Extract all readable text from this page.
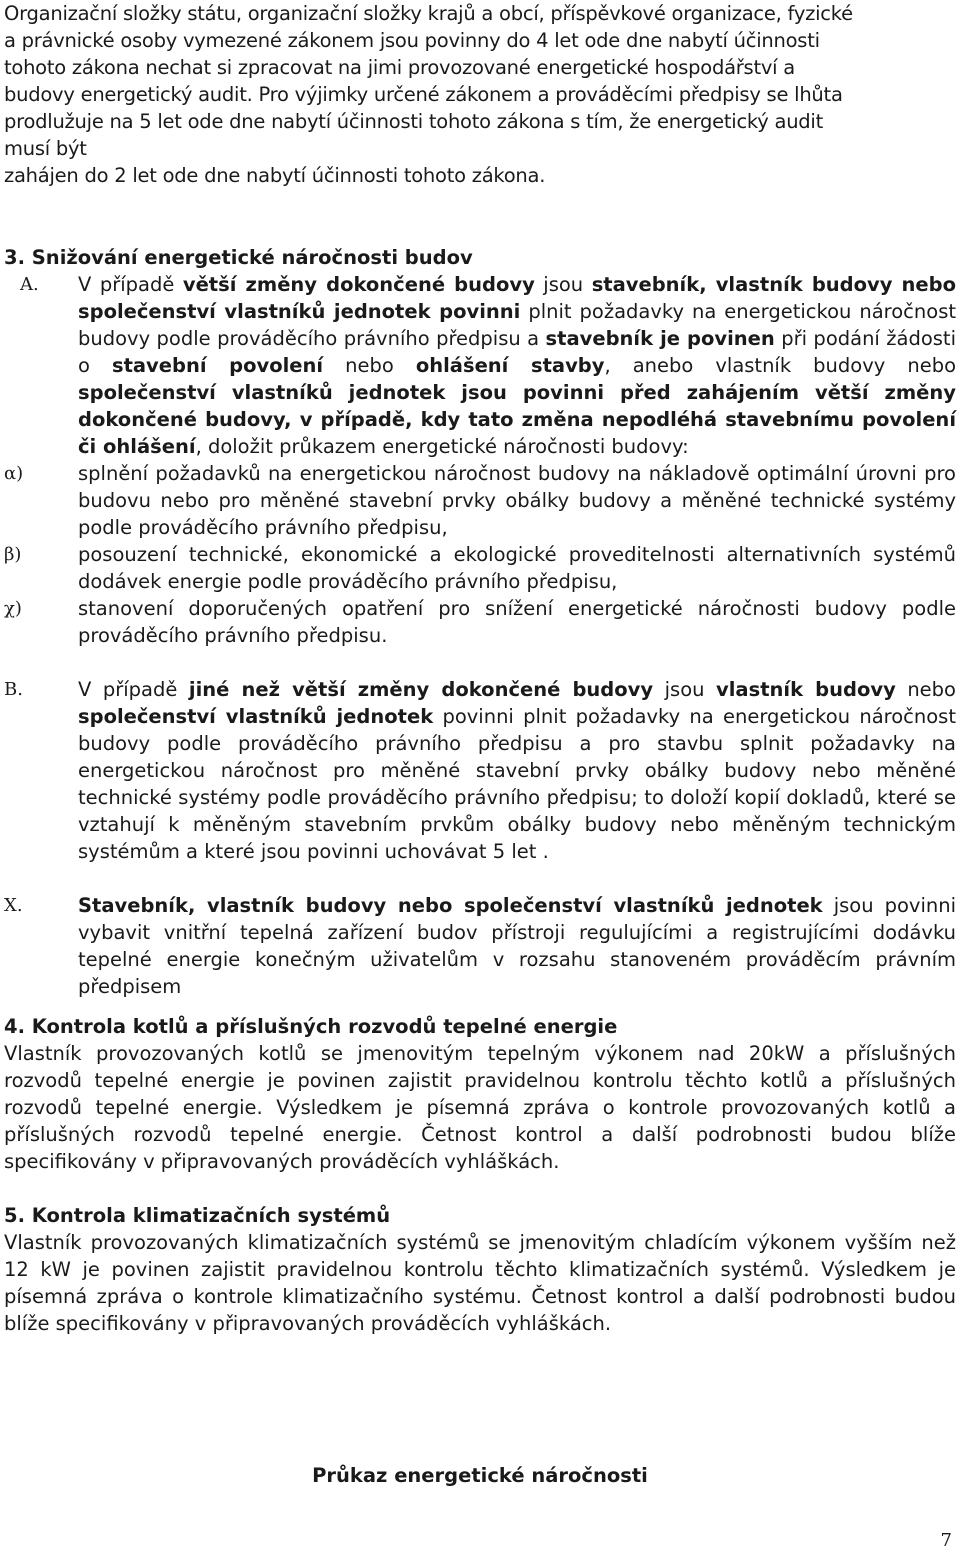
Organizační složky státu, organizační složky krajů a obcí, příspěvkové organizace, fyzické
a právnické osoby vymezené zákonem jsou povinny do 4 let ode dne nabytí účinnosti
tohoto zákona nechat si zpracovat na jimi provozované energetické hospodářství a
budovy energetický audit. Pro výjimky určené zákonem a prováděcími předpisy se lhůta
prodlužuje na 5 let ode dne nabytí účinnosti tohoto zákona s tím, že energetický audit
musí být
zahájen do 2 let ode dne nabytí účinnosti tohoto zákona.
3. Snižování energetické náročnosti budov
A.	V případě větší změny dokončené budovy jsou stavebník, vlastník budovy nebo společenství vlastníků jednotek povinni plnit požadavky na energetickou náročnost budovy podle prováděcího právního předpisu a stavebník je povinen při podání žádosti o stavební povolení nebo ohlášení stavby, anebo vlastník budovy nebo společenství vlastníků jednotek jsou povinni před zahájením větší změny dokončené budovy, v případě, kdy tato změna nepodléhá stavebnímu povolení či ohlášení, doložit průkazem energetické náročnosti budovy:
α)	splnění požadavků na energetickou náročnost budovy na nákladově optimální úrovni pro budovu nebo pro měněné stavební prvky obálky budovy a měněné technické systémy podle prováděcího právního předpisu,
β)	posouzení technické, ekonomické a ekologické proveditelnosti alternativních systémů dodávek energie podle prováděcího právního předpisu,
χ)	stanovení doporučených opatření pro snížení energetické náročnosti budovy podle prováděcího právního předpisu.
B.	V případě jiné než větší změny dokončené budovy jsou vlastník budovy nebo společenství vlastníků jednotek povinni plnit požadavky na energetickou náročnost budovy podle prováděcího právního předpisu a pro stavbu splnit požadavky na energetickou náročnost pro měněné stavební prvky obálky budovy nebo měněné technické systémy podle prováděcího právního předpisu; to doloží kopií dokladů, které se vztahují k měněným stavebním prvkům obálky budovy nebo měněným technickým systémům a které jsou povinni uchovávat 5 let .
X.	Stavebník, vlastník budovy nebo společenství vlastníků jednotek jsou povinni vybavit vnitřní tepelná zařízení budov přístroji regulujícími a registrujícími dodávku tepelné energie konečným uživatelům v rozsahu stanoveném prováděcím právním předpisem
4. Kontrola kotlů a příslušných rozvodů tepelné energie
Vlastník provozovaných kotlů se jmenovitým tepelným výkonem nad 20kW a příslušných rozvodů tepelné energie je povinen zajistit pravidelnou kontrolu těchto kotlů a příslušných rozvodů tepelné energie. Výsledkem je písemná zpráva o kontrole provozovaných kotlů a příslušných rozvodů tepelné energie. Četnost kontrol a další podrobnosti budou blíže specifikovány v připravovaných prováděcích vyhláškách.
5. Kontrola klimatizačních systémů
Vlastník provozovaných klimatizačních systémů se jmenovitým chladícím výkonem vyšším než 12 kW je povinen zajistit pravidelnou kontrolu těchto klimatizačních systémů. Výsledkem je písemná zpráva o kontrole klimatizačního systému. Četnost kontrol a další podrobnosti budou blíže specifikovány v připravovaných prováděcích vyhláškách.
Průkaz energetické náročnosti
7
